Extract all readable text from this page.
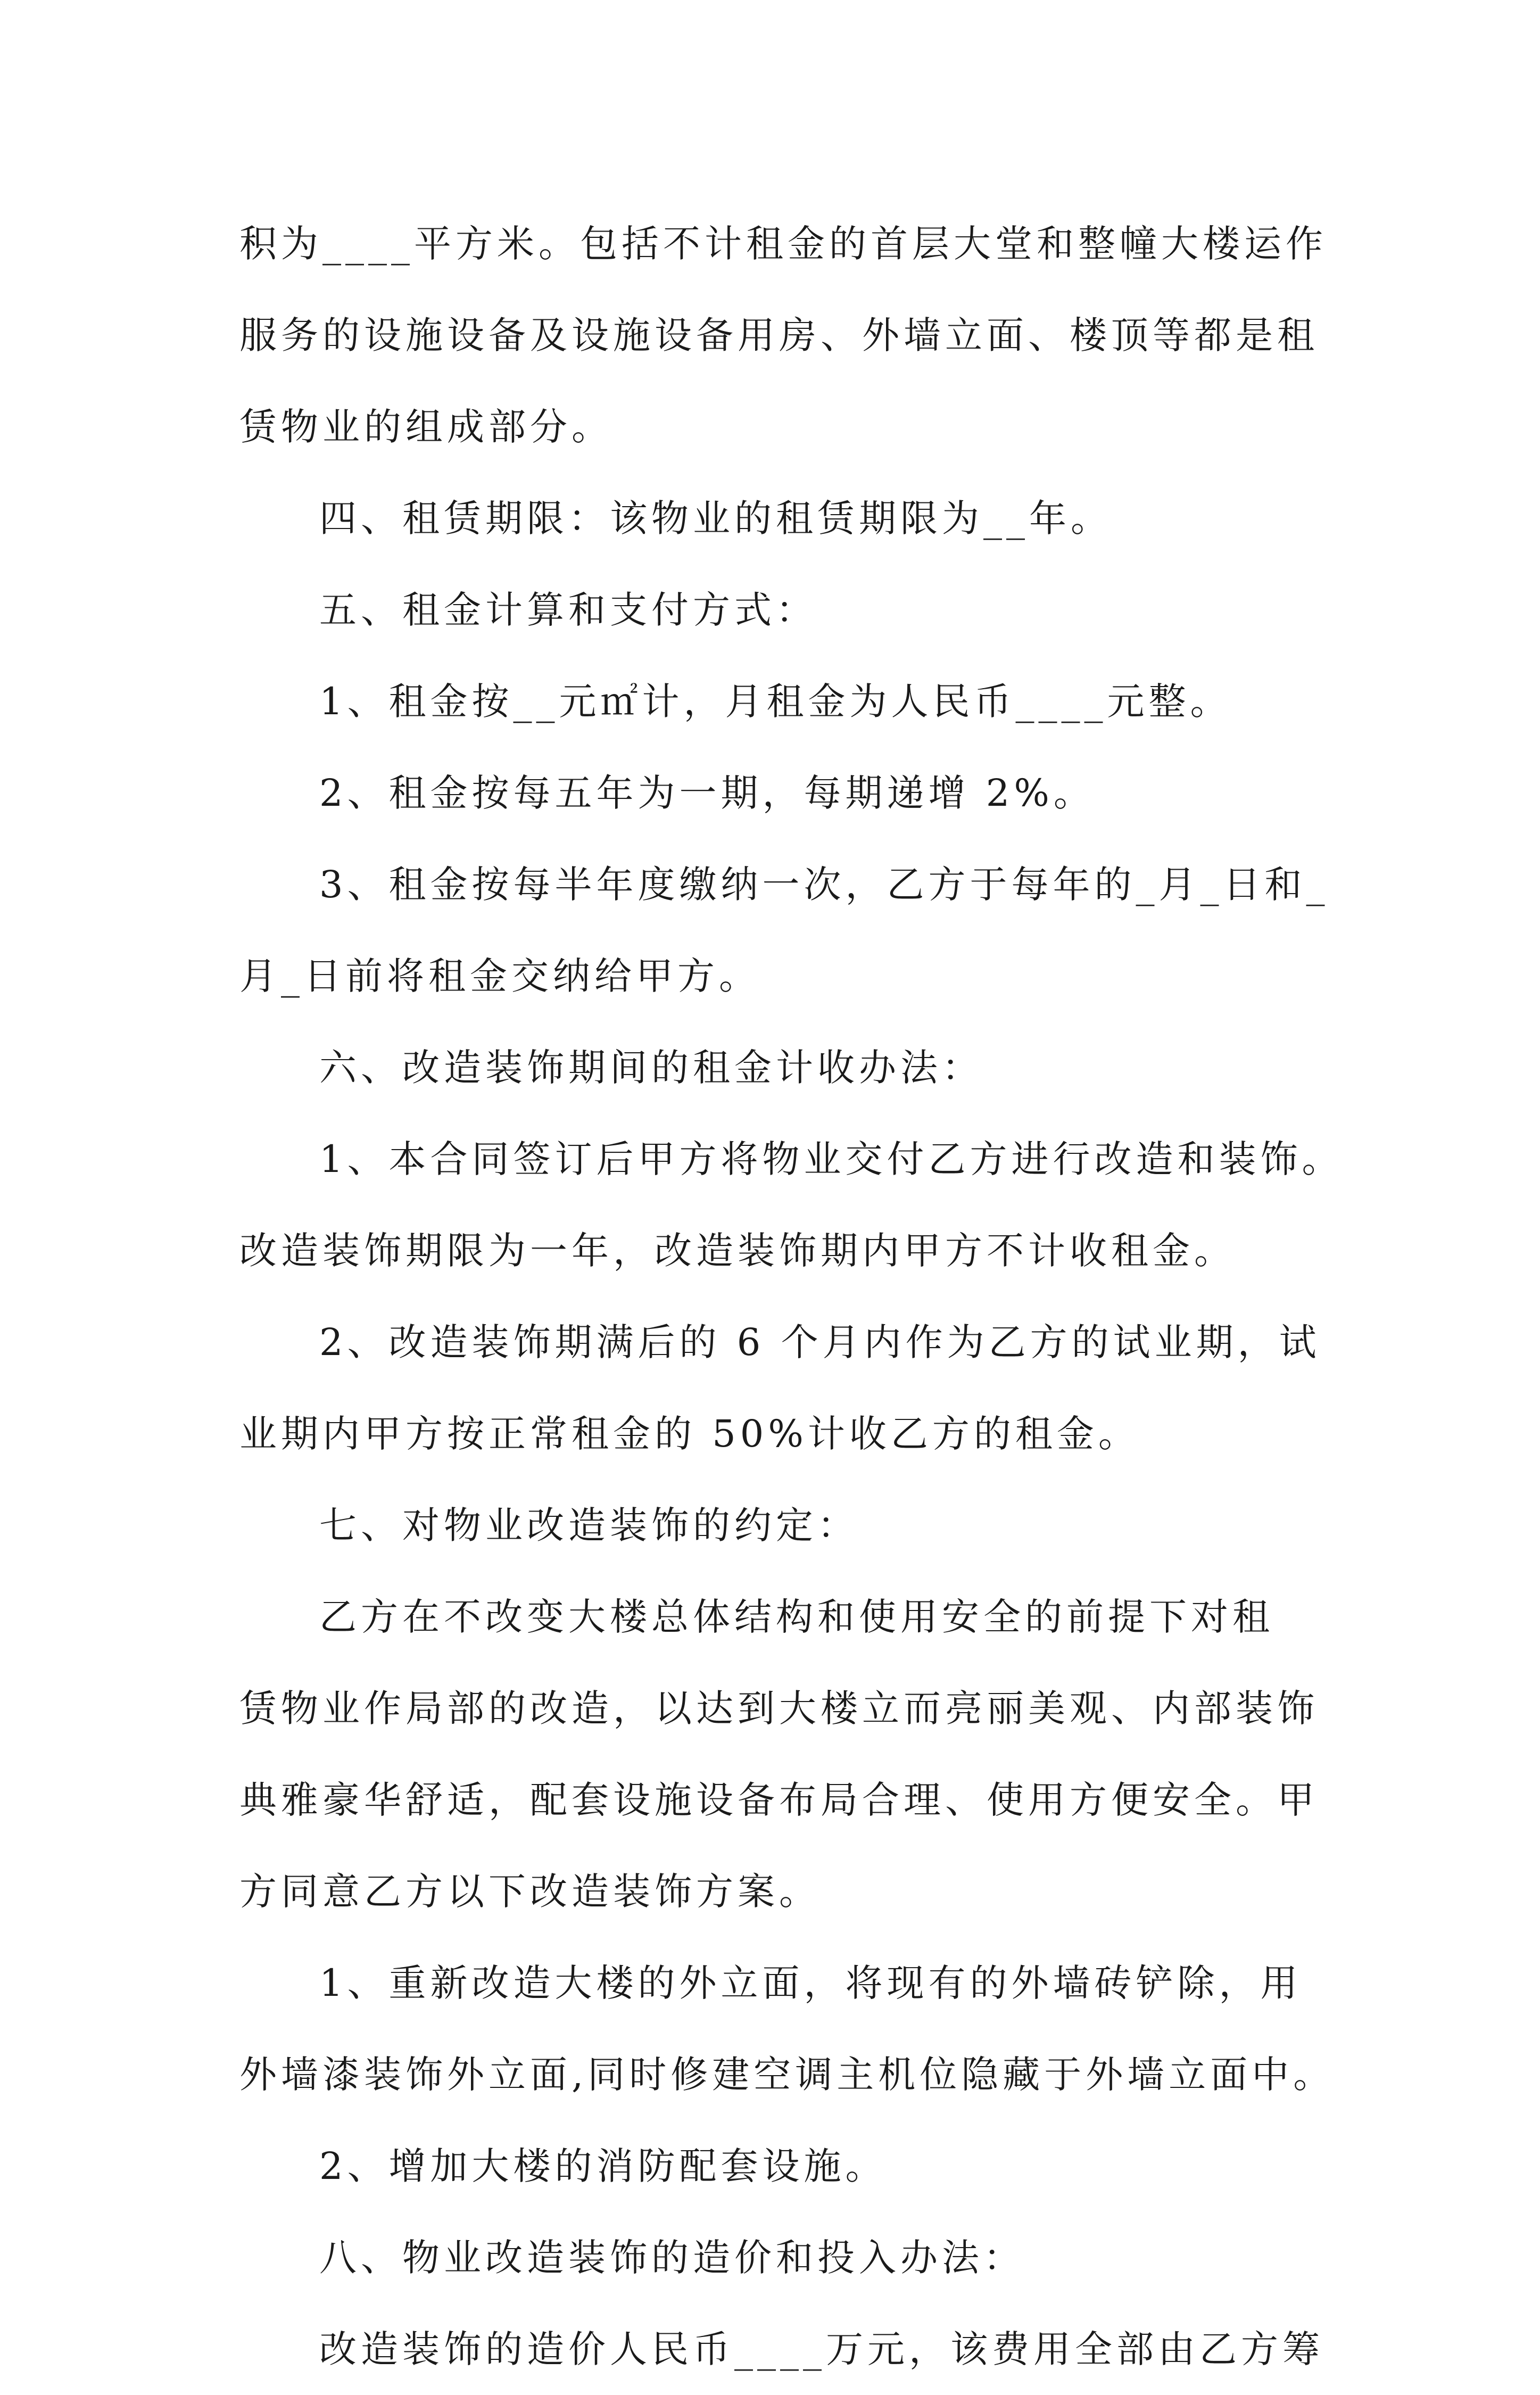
积为____平方米。包括不计租金的首层大堂和整幢大楼运作
服务的设施设备及设施设备用房、外墙立面、楼顶等都是租
赁物业的组成部分。
四、租赁期限：该物业的租赁期限为__年。
五、租金计算和支付方式：
1、租金按__元㎡计，月租金为人民币____元整。
2、租金按每五年为一期，每期递增 2%。
3、租金按每半年度缴纳一次，乙方于每年的_月_日和_
月_日前将租金交纳给甲方。
六、改造装饰期间的租金计收办法：
1、本合同签订后甲方将物业交付乙方进行改造和装饰。
改造装饰期限为一年，改造装饰期内甲方不计收租金。
2、改造装饰期满后的 6 个月内作为乙方的试业期，试
业期内甲方按正常租金的 50%计收乙方的租金。
七、对物业改造装饰的约定：
乙方在不改变大楼总体结构和使用安全的前提下对租
赁物业作局部的改造，以达到大楼立而亮丽美观、内部装饰
典雅豪华舒适，配套设施设备布局合理、使用方便安全。甲
方同意乙方以下改造装饰方案。
1、重新改造大楼的外立面，将现有的外墙砖铲除，用
外墙漆装饰外立面,同时修建空调主机位隐藏于外墙立面中。
2、增加大楼的消防配套设施。
八、物业改造装饰的造价和投入办法：
改造装饰的造价人民币____万元，该费用全部由乙方筹
